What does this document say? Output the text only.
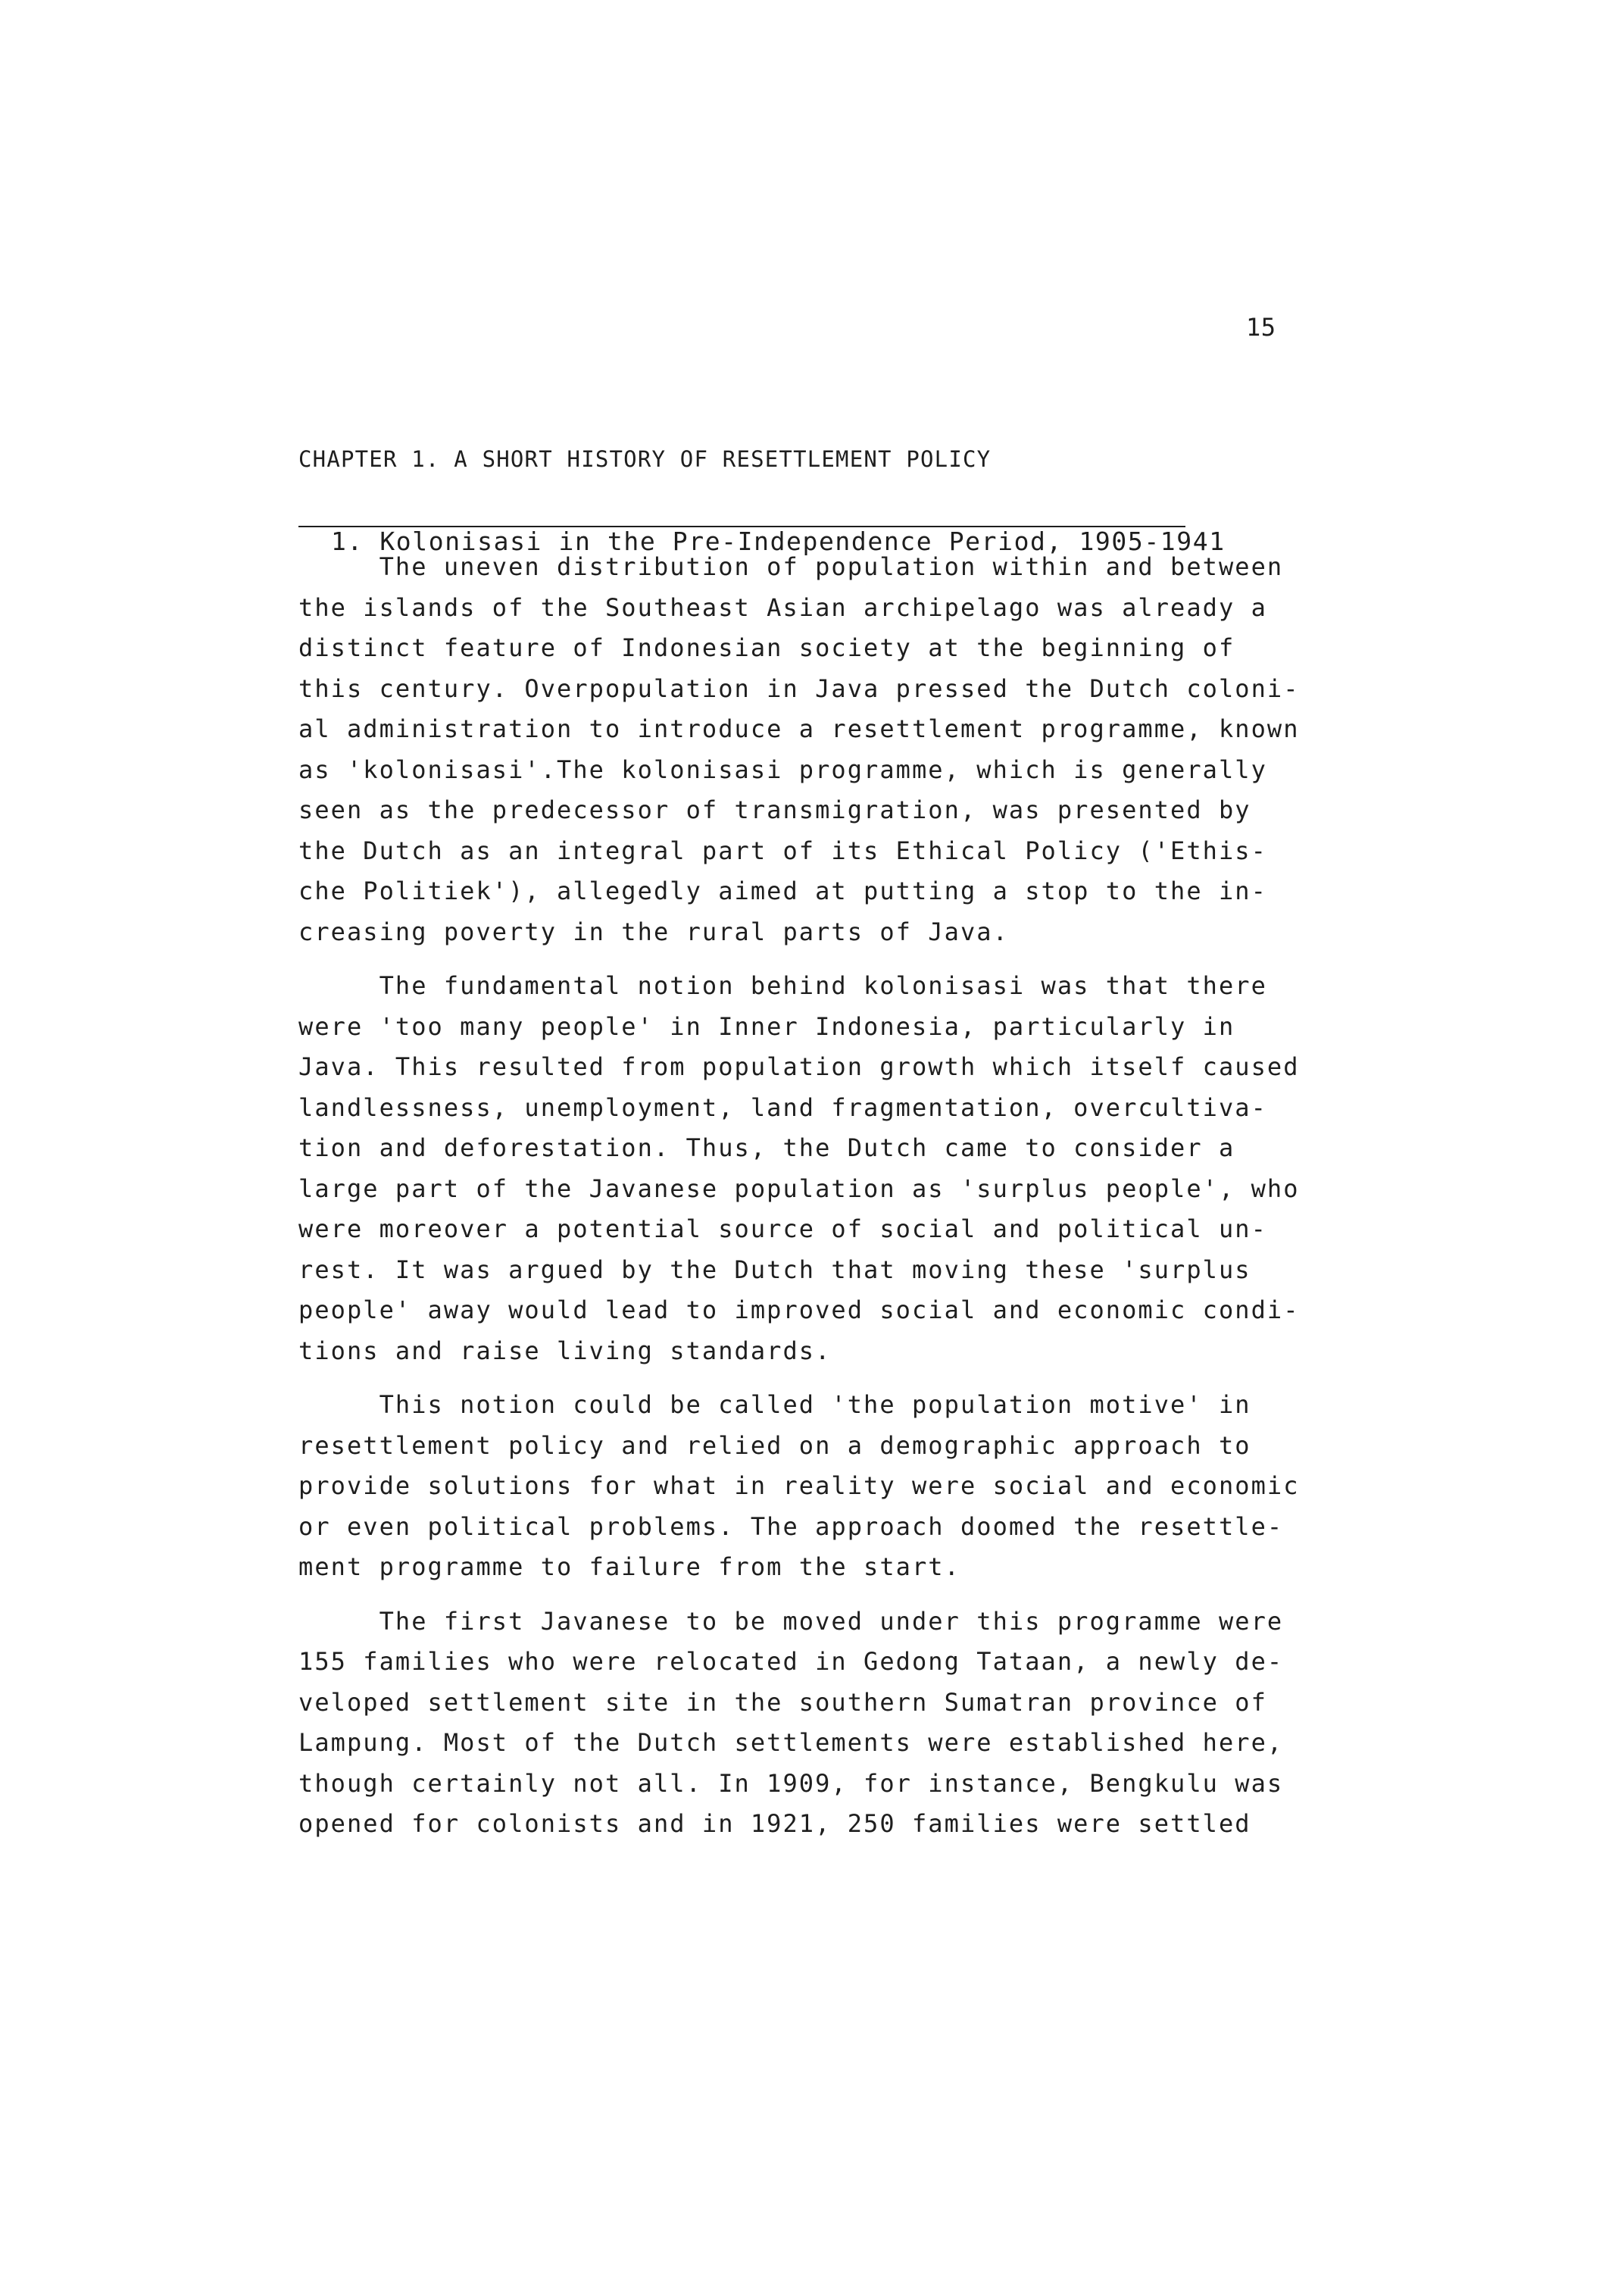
15
CHAPTER 1. A SHORT HISTORY OF RESETTLEMENT POLICY

1. Kolonisasi in the Pre-Independence Period, 1905-1941

The uneven distribution of population within and between
the islands of the Southeast Asian archipelago was already a
distinct feature of Indonesian society at the beginning of
this century. Overpopulation in Java pressed the Dutch coloni-
al administration to introduce a resettlement programme, known
as 'kolonisasi'.The kolonisasi programme, which is generally
seen as the predecessor of transmigration, was presented by
the Dutch as an integral part of its Ethical Policy ('Ethis-
che Politiek'), allegedly aimed at putting a stop to the in-
creasing poverty in the rural parts of Java.
The fundamental notion behind kolonisasi was that there
were 'too many people' in Inner Indonesia, particularly in
Java. This resulted from population growth which itself caused
landlessness, unemployment, land fragmentation, overcultiva-
tion and deforestation. Thus, the Dutch came to consider a
large part of the Javanese population as 'surplus people', who
were moreover a potential source of social and political un-
rest. It was argued by the Dutch that moving these 'surplus
people' away would lead to improved social and economic condi-
tions and raise living standards.
This notion could be called 'the population motive' in
resettlement policy and relied on a demographic approach to
provide solutions for what in reality were social and economic
or even political problems. The approach doomed the resettle-
ment programme to failure from the start.
The first Javanese to be moved under this programme were
155 families who were relocated in Gedong Tataan, a newly de-
veloped settlement site in the southern Sumatran province of
Lampung. Most of the Dutch settlements were established here,
though certainly not all. In 1909, for instance, Bengkulu was
opened for colonists and in 1921, 250 families were settled
